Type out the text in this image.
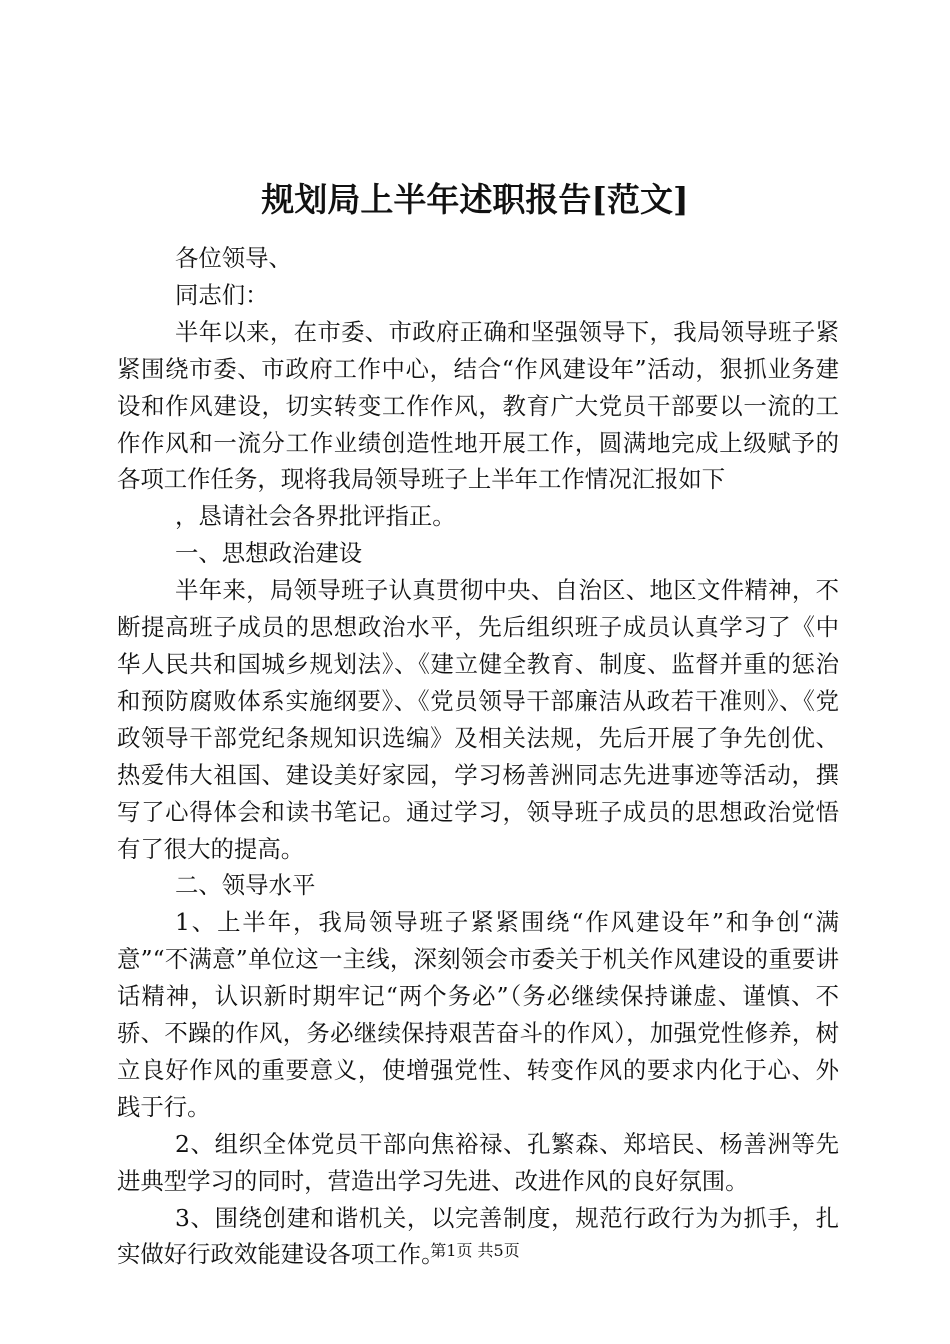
规划局上半年述职报告[范文]

各位领导、

同志们：

半年以来，在市委、市政府正确和坚强领导下，我局领导班子紧紧围绕市委、市政府工作中心，结合“作风建设年”活动，狠抓业务建设和作风建设，切实转变工作作风，教育广大党员干部要以一流的工作作风和一流分工作业绩创造性地开展工作，圆满地完成上级赋予的各项工作任务，现将我局领导班子上半年工作情况汇报如下

，恳请社会各界批评指正。

一、思想政治建设

半年来，局领导班子认真贯彻中央、自治区、地区文件精神，不断提高班子成员的思想政治水平，先后组织班子成员认真学习了《中华人民共和国城乡规划法》、《建立健全教育、制度、监督并重的惩治和预防腐败体系实施纲要》、《党员领导干部廉洁从政若干准则》、《党政领导干部党纪条规知识选编》及相关法规，先后开展了争先创优、热爱伟大祖国、建设美好家园，学习杨善洲同志先进事迹等活动，撰写了心得体会和读书笔记。通过学习，领导班子成员的思想政治觉悟有了很大的提高。

二、领导水平

1、上半年，我局领导班子紧紧围绕“作风建设年”和争创“满意”“不满意”单位这一主线，深刻领会市委关于机关作风建设的重要讲话精神，认识新时期牢记“两个务必”（务必继续保持谦虚、谨慎、不骄、不躁的作风，务必继续保持艰苦奋斗的作风），加强党性修养，树立良好作风的重要意义，使增强党性、转变作风的要求内化于心、外践于行。

2、组织全体党员干部向焦裕禄、孔繁森、郑培民、杨善洲等先进典型学习的同时，营造出学习先进、改进作风的良好氛围。

3、围绕创建和谐机关，以完善制度，规范行政行为为抓手，扎实做好行政效能建设各项工作。

第1页 共5页
